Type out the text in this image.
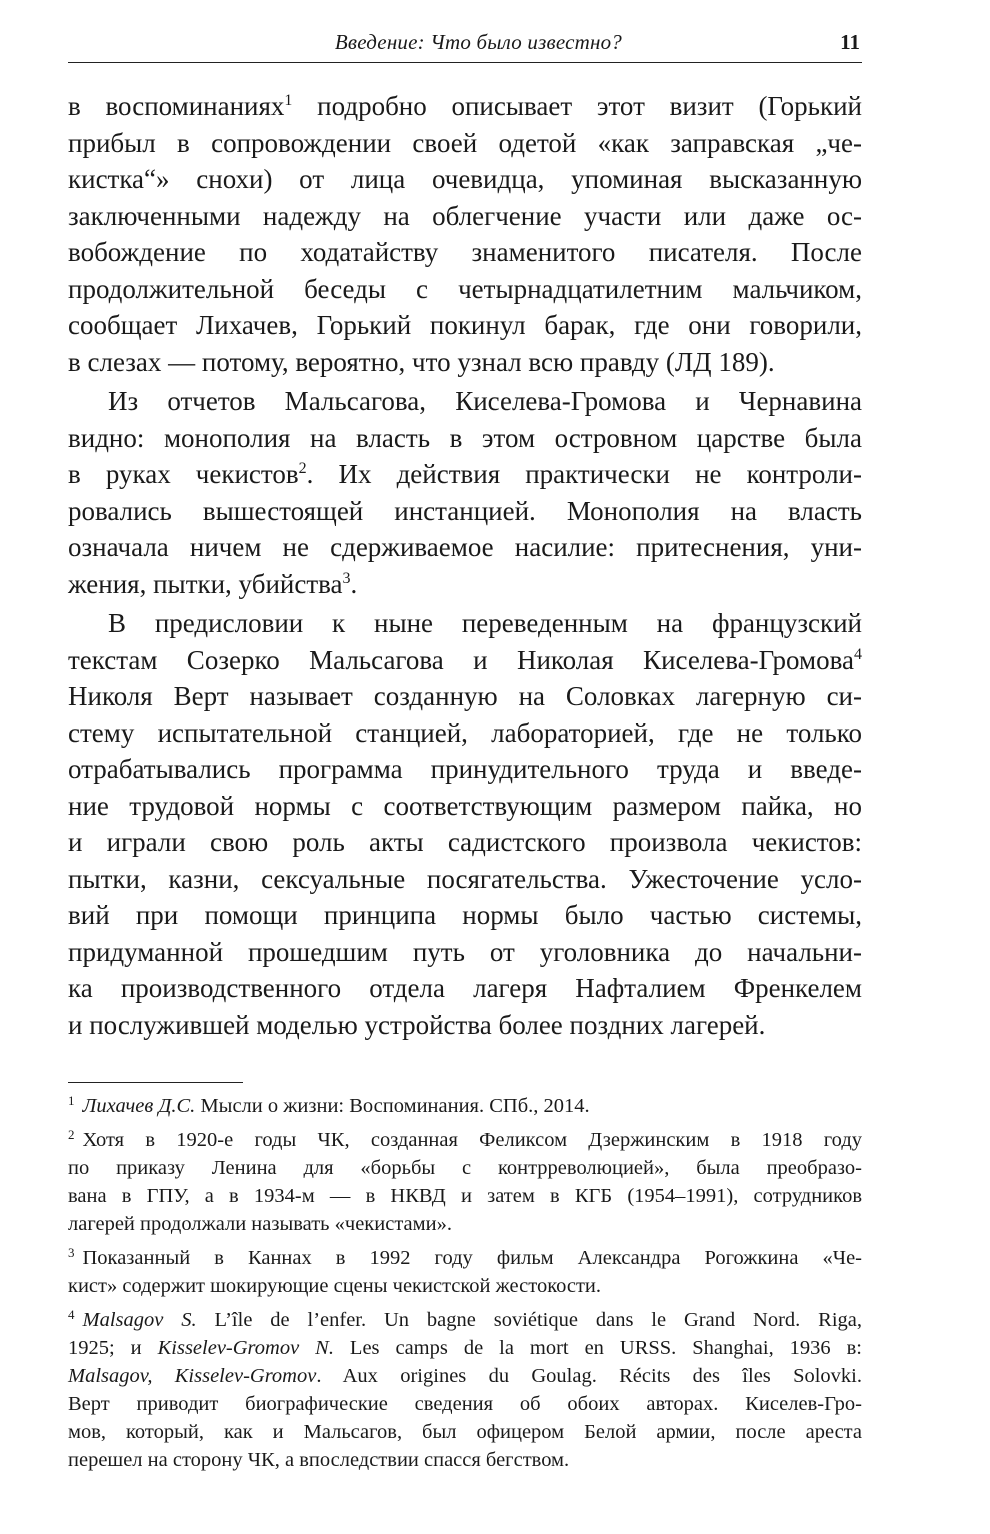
Введение: Что было известно?	11
в воспоминаниях$^1$ подробно описывает этот визит (Горький
прибыл в сопровождении своей одетой «как заправская „че-
кистка“» снохи) от лица очевидца, упоминая высказанную
заключенными надежду на облегчение участи или даже ос-
вобождение по ходатайству знаменитого писателя. После
продолжительной беседы с четырнадцатилетним мальчиком,
сообщает Лихачев, Горький покинул барак, где они говорили,
в слезах — потому, вероятно, что узнал всю правду (ЛД 189).
Из отчетов Мальсагова, Киселева-Громова и Чернавина
видно: монополия на власть в этом островном царстве была
в руках чекистов$^2$. Их действия практически не контроли-
ровались вышестоящей инстанцией. Монополия на власть
означала ничем не сдерживаемое насилие: притеснения, уни-
жения, пытки, убийства$^3$.
В предисловии к ныне переведенным на французский
текстам Созерко Мальсагова и Николая Киселева-Громова$^4$
Николя Верт называет созданную на Соловках лагерную си-
стему испытательной станцией, лабораторией, где не только
отрабатывались программа принудительного труда и введе-
ние трудовой нормы с соответствующим размером пайка, но
и играли свою роль акты садистского произвола чекистов:
пытки, казни, сексуальные посягательства. Ужесточение усло-
вий при помощи принципа нормы было частью системы,
придуманной прошедшим путь от уголовника до начальни-
ка производственного отдела лагеря Нафталием Френкелем
и послужившей моделью устройства более поздних лагерей.
$^1$ Лихачев Д.С. Мысли о жизни: Воспоминания. СПб., 2014.
$^2$ Хотя в 1920-е годы ЧК, созданная Феликсом Дзержинским в 1918 году
по приказу Ленина для «борьбы с контрреволюцией», была преобразо-
вана в ГПУ, а в 1934-м — в НКВД и затем в КГБ (1954–1991), сотрудников
лагерей продолжали называть «чекистами».
$^3$ Показанный в Каннах в 1992 году фильм Александра Рогожкина «Че-
кист» содержит шокирующие сцены чекистской жестокости.
$^4$ Malsagov S. L’île de l’enfer. Un bagne soviétique dans le Grand Nord. Riga,
1925; и Kisselev-Gromov N. Les camps de la mort en URSS. Shanghai, 1936 в:
Malsagov, Kisselev-Gromov. Aux origines du Goulag. Récits des îles Solovki.
Верт приводит биографические сведения об обоих авторах. Киселев-Гро-
мов, который, как и Мальсагов, был офицером Белой армии, после ареста
перешел на сторону ЧК, а впоследствии спасся бегством.
